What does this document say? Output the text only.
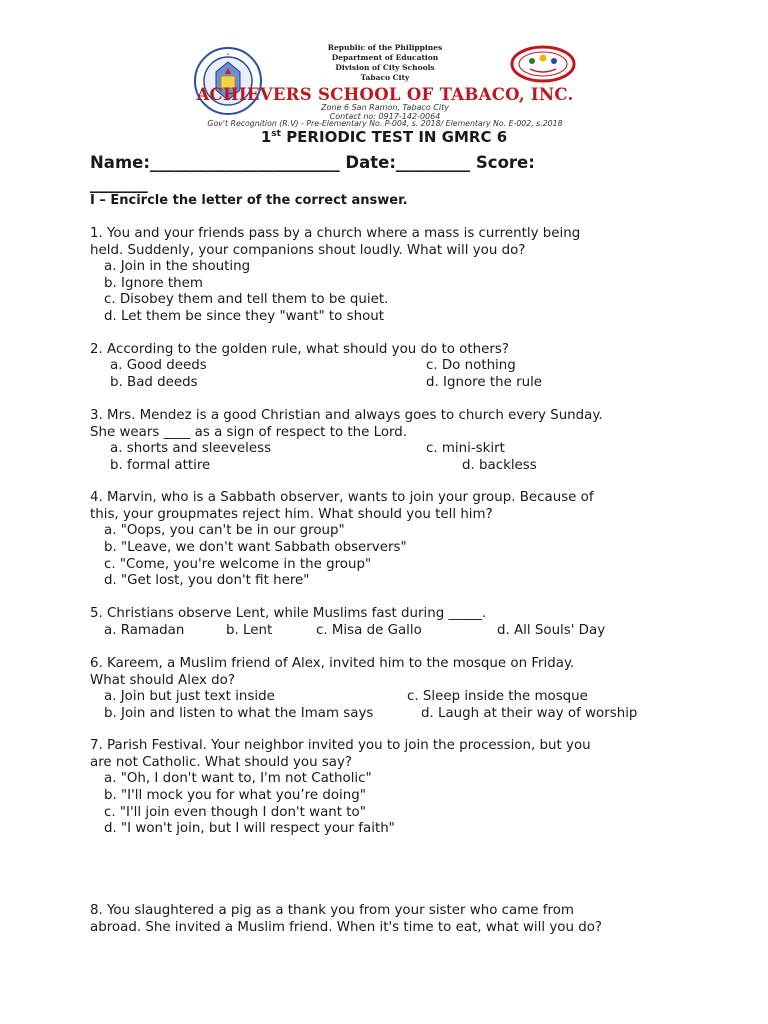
•
Republic of the Philippines
Department of Education
Division of City Schools
Tabaco City
ACHIEVERS SCHOOL OF TABACO, INC.
Zone 6 San Ramon, Tabaco City
Contact no: 0917-142-0064
Gov't Recognition (R.V) - Pre-Elementary No. P-004, s. 2018/ Elementary No. E-002, s.2018
1st PERIODIC TEST IN GMRC 6
Name:_______________________ Date:_________ Score:
_______
I – Encircle the letter of the correct answer.
1. You and your friends pass by a church where a mass is currently being
held. Suddenly, your companions shout loudly. What will you do?
a. Join in the shouting
b. Ignore them
c. Disobey them and tell them to be quiet.
d. Let them be since they "want" to shout
2. According to the golden rule, what should you do to others?
a. Good deeds	c. Do nothing
b. Bad deeds	d. Ignore the rule
3. Mrs. Mendez is a good Christian and always goes to church every Sunday.
She wears ____ as a sign of respect to the Lord.
a. shorts and sleeveless	c. mini-skirt
b. formal attire	d. backless
4. Marvin, who is a Sabbath observer, wants to join your group. Because of
this, your groupmates reject him. What should you tell him?
a. "Oops, you can't be in our group"
b. "Leave, we don't want Sabbath observers"
c. "Come, you're welcome in the group"
d. "Get lost, you don't fit here"
5. Christians observe Lent, while Muslims fast during _____.
a. Ramadan	b. Lent	c. Misa de Gallo	d. All Souls' Day
6. Kareem, a Muslim friend of Alex, invited him to the mosque on Friday.
What should Alex do?
a. Join but just text inside	c. Sleep inside the mosque
b. Join and listen to what the Imam says	d. Laugh at their way of worship
7. Parish Festival. Your neighbor invited you to join the procession, but you
are not Catholic. What should you say?
a. "Oh, I don't want to, I'm not Catholic"
b. "I'll mock you for what you’re doing"
c. "I'll join even though I don't want to"
d. "I won't join, but I will respect your faith"
8. You slaughtered a pig as a thank you from your sister who came from
abroad. She invited a Muslim friend. When it's time to eat, what will you do?
